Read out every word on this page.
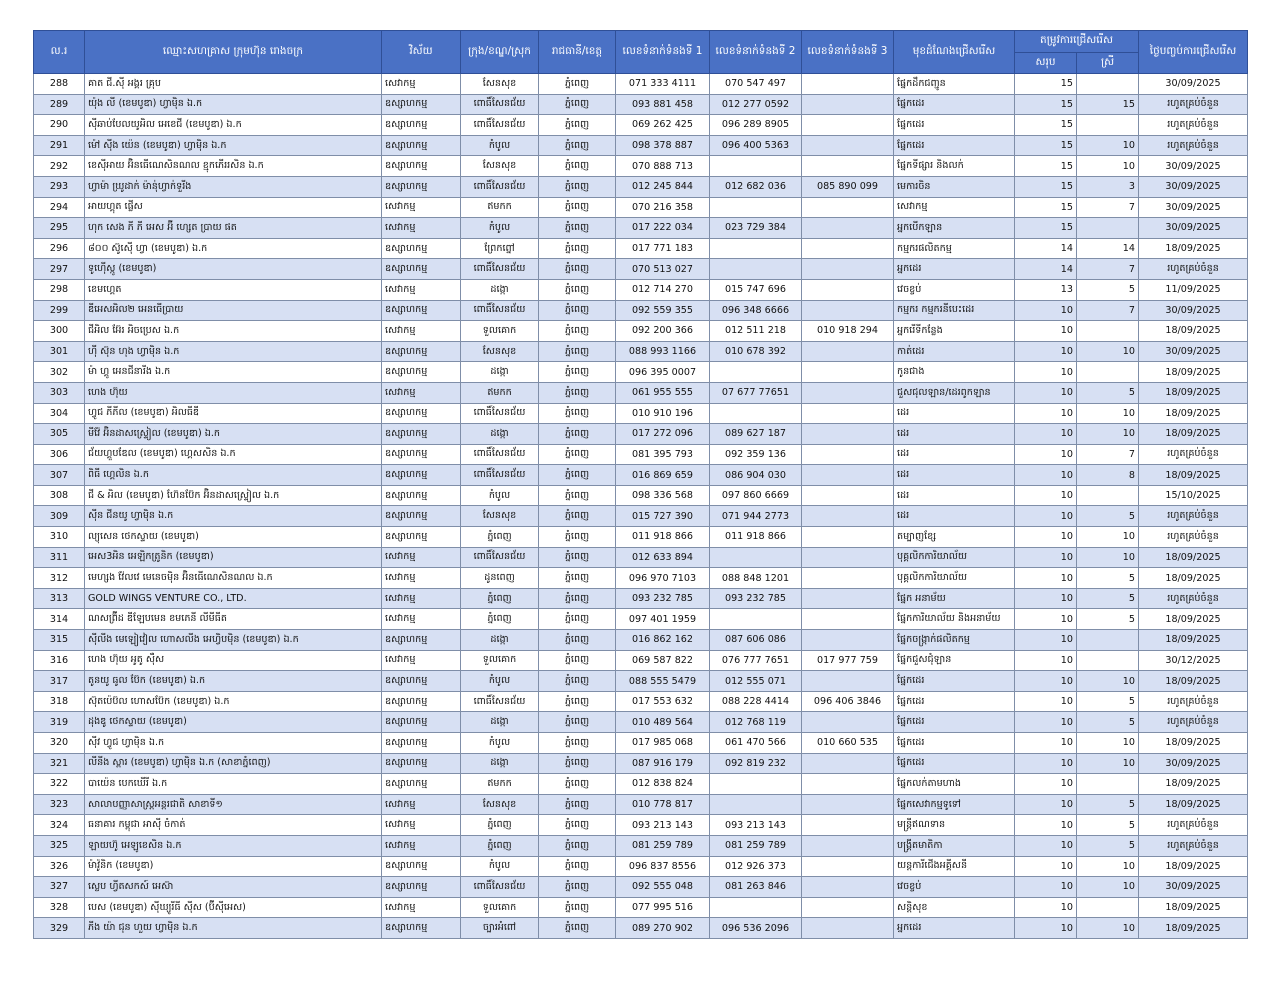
ល.រ	ឈ្មោះសហគ្រាស ក្រុមហ៊ុន រោងចក្រ	វិស័យ	ក្រុង/ខណ្ឌ/ស្រុក	រាជធានី/ខេត្ត	លេខទំនាក់ទំនងទី 1	លេខទំនាក់ទំនងទី 2	លេខទំនាក់ទំនងទី 3	មុខដំណែងជ្រើសរើស	តម្រូវការជ្រើសរើស		ថ្ងៃបញ្ចប់ការជ្រើសរើស
									សរុប	ស្រី	
288	គាត ជី.ស៊ី អង្គរ គ្រុប	សេវាកម្ម	សែនសុខ	ភ្នំពេញ	071 333 4111	070 547 497		ផ្នែកដឹកជញ្ជូន	15		30/09/2025
289	យ៉ុង លី (ខេមបូឌា) ហ្វាម៉ិន ឯ.ក	ឧស្សាហកម្ម	ពោធិ៍សែនជ័យ	ភ្នំពេញ	093 881 458	012 277 0592		ផ្នែកដេរ	15	15	រហូតគ្រប់ចំនួន
290	ស៊ីឆាប់បែលយូអិល អេខេជី (ខេមបូឌា) ឯ.ក	ឧស្សាហកម្ម	ពោធិ៍សែនជ័យ	ភ្នំពេញ	069 262 425	096 289 8905		ផ្នែកដេរ	15		រហូតគ្រប់ចំនួន
291	ម៉ៅ ស៊ីង យ៉េន (ខេមបូឌា) ហ្វាម៉ិន ឯ.ក	ឧស្សាហកម្ម	កំបូល	ភ្នំពេញ	098 378 887	096 400 5363		ផ្នែកដេរ	15	10	រហូតគ្រប់ចំនួន
292	ខេស៊ីអាយ អ៊ិនធើណេសិនណល ខ្មុកភើររសិន ឯ.ក	ឧស្សាហកម្ម	សែនសុខ	ភ្នំពេញ	070 888 713			ផ្នែកទីផ្សារ និងលក់	15	10	30/09/2025
293	ហ្វាម៉ា ឃ្រូដាក់ ម៉ាន់ុហ្វាក់ទួរីង	ឧស្សាហកម្ម	ពោធិ៍សែនជ័យ	ភ្នំពេញ	012 245 844	012 682 036	085 890 099	មេការចិន	15	3	30/09/2025
294	អាយហ្គុត ផ្លើស	សេវាកម្ម	ឥមកក	ភ្នំពេញ	070 216 358			សេវាកម្ម	15	7	30/09/2025
295	ហុក សេង ភី ភី អេស អ៊ី ហ្សេត ប្រាយ ផត	សេវាកម្ម	កំបូល	ភ្នំពេញ	017 222 034	023 729 384		អ្នកបើកឡាន	15		30/09/2025
296	៨០០ ស៊ូស៊ើ ហ្វា (ខេមបូឌា) ឯ.ក	ឧស្សាហកម្ម	ព្រែកព្នៅ	ភ្នំពេញ	017 771 183			កម្មករផលិតកម្ម	14	14	18/09/2025
297	ទូហ៊ើស្កូ (ខេមបូឌា)	ឧស្សាហកម្ម	ពោធិ៍សែនជ័យ	ភ្នំពេញ	070 513 027			អ្នកដេរ	14	7	រហូតគ្រប់ចំនួន
298	ខេមហ្គេត	សេវាកម្ម	ដង្កោ	ភ្នំពេញ	012 714 270	015 747 696		វេចខ្ចប់	13	5	11/09/2025
299	ឌីអេសអិល២ អេនធើប្រាយ	ឧស្សាហកម្ម	ពោធិ៍សែនជ័យ	ភ្នំពេញ	092 559 355	096 348 6666		កម្មករ កម្មករនីបេះដេរ	10	7	30/09/2025
300	ជីអិល អ៊ែរ អិចប្រេស ឯ.ក	សេវាកម្ម	ទួលគោក	ភ្នំពេញ	092 200 366	012 511 218	010 918 294	អ្នករើទីកន្លែង	10		18/09/2025
301	ហ៊ី ស៊ុន ហុង ហ្វាម៉ិន ឯ.ក	ឧស្សាហកម្ម	សែនសុខ	ភ្នំពេញ	088 993 1166	010 678 392		កាត់ដេរ	10	10	30/09/2025
302	ម៉ា ហ្គូ អេនជីនារីង ឯ.ក	ឧស្សាហកម្ម	ដង្កោ	ភ្នំពេញ	096 395 0007			កូនជាង	10		18/09/2025
303	ហេង ហ៊ុយ	សេវាកម្ម	ឥមកក	ភ្នំពេញ	061 955 555	07 677 77651		ជួសជុលឡាន/ដេរពូកឡាន	10	5	18/09/2025
304	ហ្វូជ ភីភីល (ខេមបូឌា) អិលធីឌី	ឧស្សាហកម្ម	ពោធិ៍សែនជ័យ	ភ្នំពេញ	010 910 196			ដេរ	10	10	18/09/2025
305	មីវ៉ែ អ៊ិនដាសស្ទ្រៀល (ខេមបូឌា) ឯ.ក	ឧស្សាហកម្ម	ដង្កោ	ភ្នំពេញ	017 272 096	089 627 187		ដេរ	10	10	18/09/2025
306	ជ័យហ្គួបឌែល (ខេមបូឌា) ហ្គេសសិន ឯ.ក	ឧស្សាហកម្ម	ពោធិ៍សែនជ័យ	ភ្នំពេញ	081 395 793	092 359 136		ដេរ	10	7	រហូតគ្រប់ចំនួន
307	ពិធី ហ្គេលិន ឯ.ក	ឧស្សាហកម្ម	ពោធិ៍សែនជ័យ	ភ្នំពេញ	016 869 659	086 904 030		ដេរ	10	8	18/09/2025
308	ជី & អិល (ខេមបូឌា) ហ៊ែនប៊ែក អ៊ិនដាសស្ទ្រៀល ឯ.ក	ឧស្សាហកម្ម	កំបូល	ភ្នំពេញ	098 336 568	097 860 6669		ដេរ	10		15/10/2025
309	ស៊ីន ជីនយូ ហ្វាម៉ិន ឯ.ក	ឧស្សាហកម្ម	សែនសុខ	ភ្នំពេញ	015 727 390	071 944 2773		ដេរ	10	5	រហូតគ្រប់ចំនួន
310	ល្យុសេន ថេកស្ទាយ (ខេមបូឌា)	ឧស្សាហកម្ម	ភ្នំពេញ	ភ្នំពេញ	011 918 866	011 918 866		តម្បាញខ្សែ	10	10	រហូតគ្រប់ចំនួន
311	អេស3អិន អេឡិកត្រូនិក (ខេមបូឌា)	សេវាកម្ម	ពោធិ៍សែនជ័យ	ភ្នំពេញ	012 633 894			បុគ្គលិកការិយាល័យ	10	10	18/09/2025
312	មេហ្សង វ៉ែលវេ មេនេចម៉ិន អ៊ិនធើណេសិនណល ឯ.ក	សេវាកម្ម	ដូនពេញ	ភ្នំពេញ	096 970 7103	088 848 1201		បុគ្គលិកការិយាល័យ	10	5	18/09/2025
313	GOLD WINGS VENTURE CO., LTD.	សេវាកម្ម	ភ្នំពេញ	ភ្នំពេញ	093 232 785	093 232 785		ផ្នែក អនាម័យ	10	5	រហូតគ្រប់ចំនួន
314	ណសព្រ៊ីដ ឌីឡែបមេន ខមភេនី លីមីធីត	សេវាកម្ម	ភ្នំពេញ	ភ្នំពេញ	097 401 1959			ផ្នែកការិយាល័យ និងអនាម័យ	10	5	18/09/2025
315	ស៊ីលីង មេឡៀវៀល ហោសលីង អេហ្វិបម៉ិន (ខេមបូឌា) ឯ.ក	ឧស្សាហកម្ម	ដង្កោ	ភ្នំពេញ	016 862 162	087 606 086		ផ្នែកចង្ក្រាក់ផលិតកម្ម	10		18/09/2025
316	ហេង ហ៊ុយ អូតូ ស៊ឺស	សេវាកម្ម	ទួលគោក	ភ្នំពេញ	069 587 822	076 777 7651	017 977 759	ផ្នែកជួសជុំឡាន	10		30/12/2025
317	តូនយូ ធូល ប៊ែក (ខេមបូឌា) ឯ.ក	ឧស្សាហកម្ម	កំបូល	ភ្នំពេញ	088 555 5479	012 555 071		ផ្នែកដេរ	10	10	18/09/2025
318	ស៊ុតប៉េប៊ល ហោសប៊ែក (ខេមបូឌា) ឯ.ក	ឧស្សាហកម្ម	ពោធិ៍សែនជ័យ	ភ្នំពេញ	017 553 632	088 228 4414	096 406 3846	ផ្នែកដេរ	10	5	រហូតគ្រប់ចំនួន
319	ដុងឌូ ថេកស្ទាយ (ខេមបូឌា)	ឧស្សាហកម្ម	ដង្កោ	ភ្នំពេញ	010 489 564	012 768 119		ផ្នែកដេរ	10	5	រហូតគ្រប់ចំនួន
320	ស៊ីវ ហ្វូជ ហ្វាម៉ិន ឯ.ក	ឧស្សាហកម្ម	កំបូល	ភ្នំពេញ	017 985 068	061 470 566	010 660 535	ផ្នែកដេរ	10	10	18/09/2025
321	លីនីង ស្ពារ (ខេមបូឌា) ហ្វាម៉ិន ឯ.ក (សាខាភ្នំពេញ)	ឧស្សាហកម្ម	ដង្កោ	ភ្នំពេញ	087 916 179	092 819 232		ផ្នែកដេរ	10	10	30/09/2025
322	បាយ៉េន បេកឃើរី ឯ.ក	ឧស្សាហកម្ម	ឥមកក	ភ្នំពេញ	012 838 824			ផ្នែកលក់តាមហាង	10		18/09/2025
323	សាលាបញ្ញាសាស្ត្រអន្តរជាតិ សាខាទី១	សេវាកម្ម	សែនសុខ	ភ្នំពេញ	010 778 817			ផ្នែកសេវាកម្មទូទៅ	10	5	18/09/2025
324	ធនាគារ កម្ពុជា អាស៊ី ចំកាត់	សេវាកម្ម	ភ្នំពេញ	ភ្នំពេញ	093 213 143	093 213 143		មន្ត្រីឥណទាន	10	5	រហូតគ្រប់ចំនួន
325	ឡាយហ៊ូ អេឡូខេសិន ឯ.ក	សេវាកម្ម	ភ្នំពេញ	ភ្នំពេញ	081 259 789	081 259 789		បង្រ្គីតមាតិកា	10	5	រហូតគ្រប់ចំនួន
326	ម៉ាវ៉ូនិក (ខេមបូឌា)	ឧស្សាហកម្ម	កំបូល	ភ្នំពេញ	096 837 8556	012 926 373		យន្តការីជើងអគ្គីសនី	10	10	18/09/2025
327	ស្លេប ហ្វីតសកស៍ អេស៊ា	ឧស្សាហកម្ម	ពោធិ៍សែនជ័យ	ភ្នំពេញ	092 555 048	081 263 846		វេចខ្ចប់	10	10	30/09/2025
328	បេស (ខេមបូឌា) ស៊ីឃ្យូរីធី ស៊ីស (ប៊ីស៊ីអេស)	សេវាកម្ម	ទួលគោក	ភ្នំពេញ	077 995 516			សន្តិសុខ	10		18/09/2025
329	ភីង យ៉ា ជុន ហួយ ហ្វាម៉ិន ឯ.ក	ឧស្សាហកម្ម	ច្បារអំពៅ	ភ្នំពេញ	089 270 902	096 536 2096		អ្នកដេរ	10	10	18/09/2025
